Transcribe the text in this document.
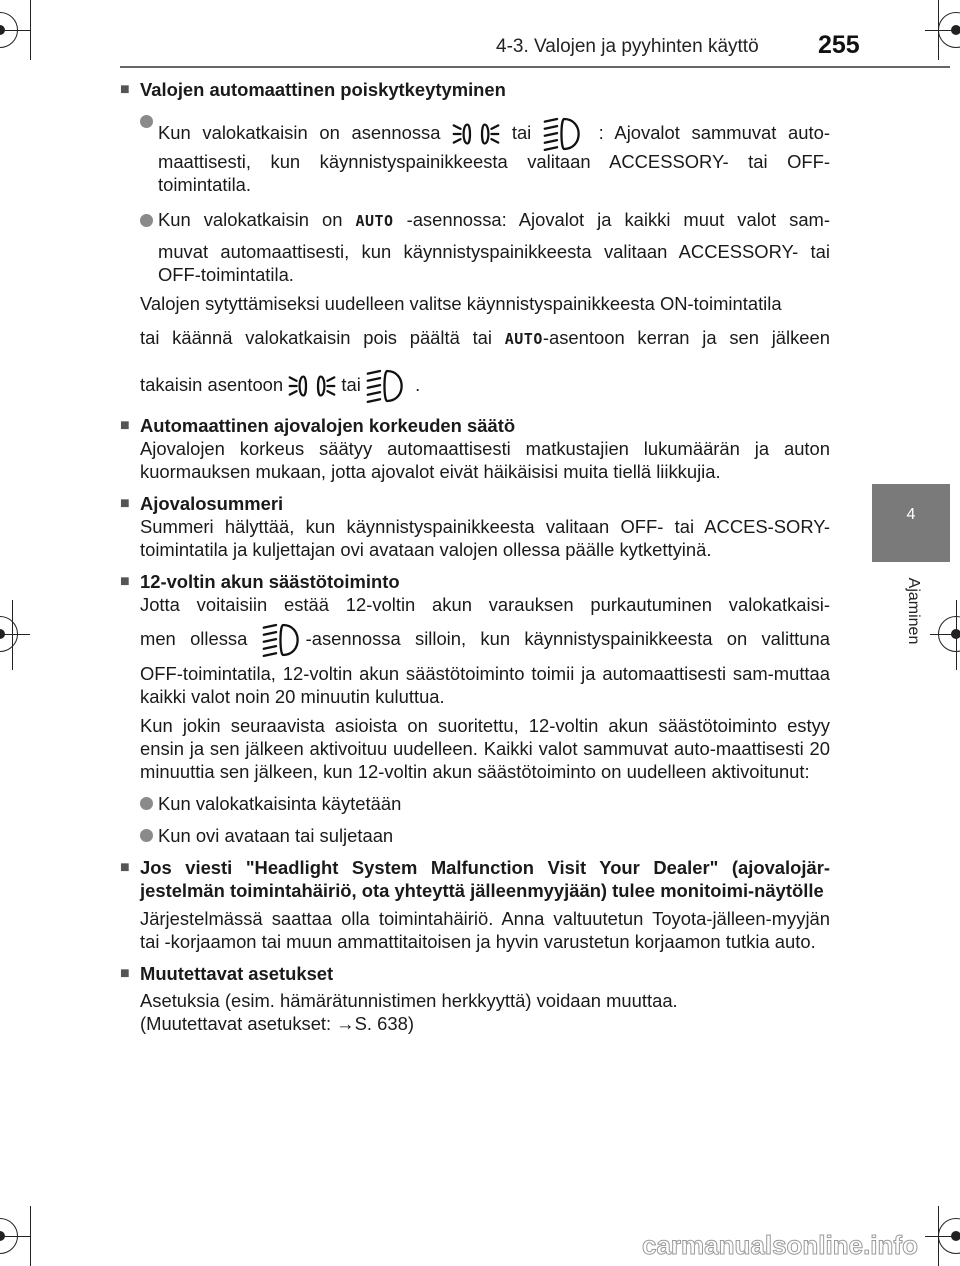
4-3. Valojen ja pyyhinten käyttö 255
4
Ajaminen

■ Valojen automaattinen poiskytkeytyminen

Kun valokatkaisin on asennossa	tai	: Ajovalot sammuvat auto-
maattisesti, kun käynnistyspainikkeesta valitaan ACCESSORY- tai OFF-toimintatila.
Kun valokatkaisin on AUTO -asennossa: Ajovalot ja kaikki muut valot sam-
muvat automaattisesti, kun käynnistyspainikkeesta valitaan ACCESSORY- tai OFF-toimintatila.

Valojen sytyttämiseksi uudelleen valitse käynnistyspainikkeesta ON-toimintatila

tai käännä valokatkaisin pois päältä tai AUTO-asentoon kerran ja sen jälkeen
takaisin asentoon	tai	.

■ Automaattinen ajovalojen korkeuden säätö

Ajovalojen korkeus säätyy automaattisesti matkustajien lukumäärän ja auton kuormauksen mukaan, jotta ajovalot eivät häikäisisi muita tiellä liikkujia.

■ Ajovalosummeri

Summeri hälyttää, kun käynnistyspainikkeesta valitaan OFF- tai ACCES-SORY-toimintatila ja kuljettajan ovi avataan valojen ollessa päälle kytkettyinä.

■ 12-voltin akun säästötoiminto

Jotta voitaisiin estää 12-voltin akun varauksen purkautuminen valokatkaisi-

men ollessa	-asennossa silloin, kun käynnistyspainikkeesta on valittuna

OFF-toimintatila, 12-voltin akun säästötoiminto toimii ja automaattisesti sam-muttaa kaikki valot noin 20 minuutin kuluttua.

Kun jokin seuraavista asioista on suoritettu, 12-voltin akun säästötoiminto estyy ensin ja sen jälkeen aktivoituu uudelleen. Kaikki valot sammuvat auto-maattisesti 20 minuuttia sen jälkeen, kun 12-voltin akun säästötoiminto on uudelleen aktivoitunut:

Kun valokatkaisinta käytetään
Kun ovi avataan tai suljetaan

■ Jos viesti "Headlight System Malfunction Visit Your Dealer" (ajovalojär-jestelmän toimintahäiriö, ota yhteyttä jälleenmyyjään) tulee monitoimi-näytölle

Järjestelmässä saattaa olla toimintahäiriö. Anna valtuutetun Toyota-jälleen-myyjän tai -korjaamon tai muun ammattitaitoisen ja hyvin varustetun korjaamon tutkia auto.

■ Muutettavat asetukset

Asetuksia (esim. hämärätunnistimen herkkyyttä) voidaan muuttaa.

(Muutettavat asetukset: →S. 638)

carmanualsonline.info
